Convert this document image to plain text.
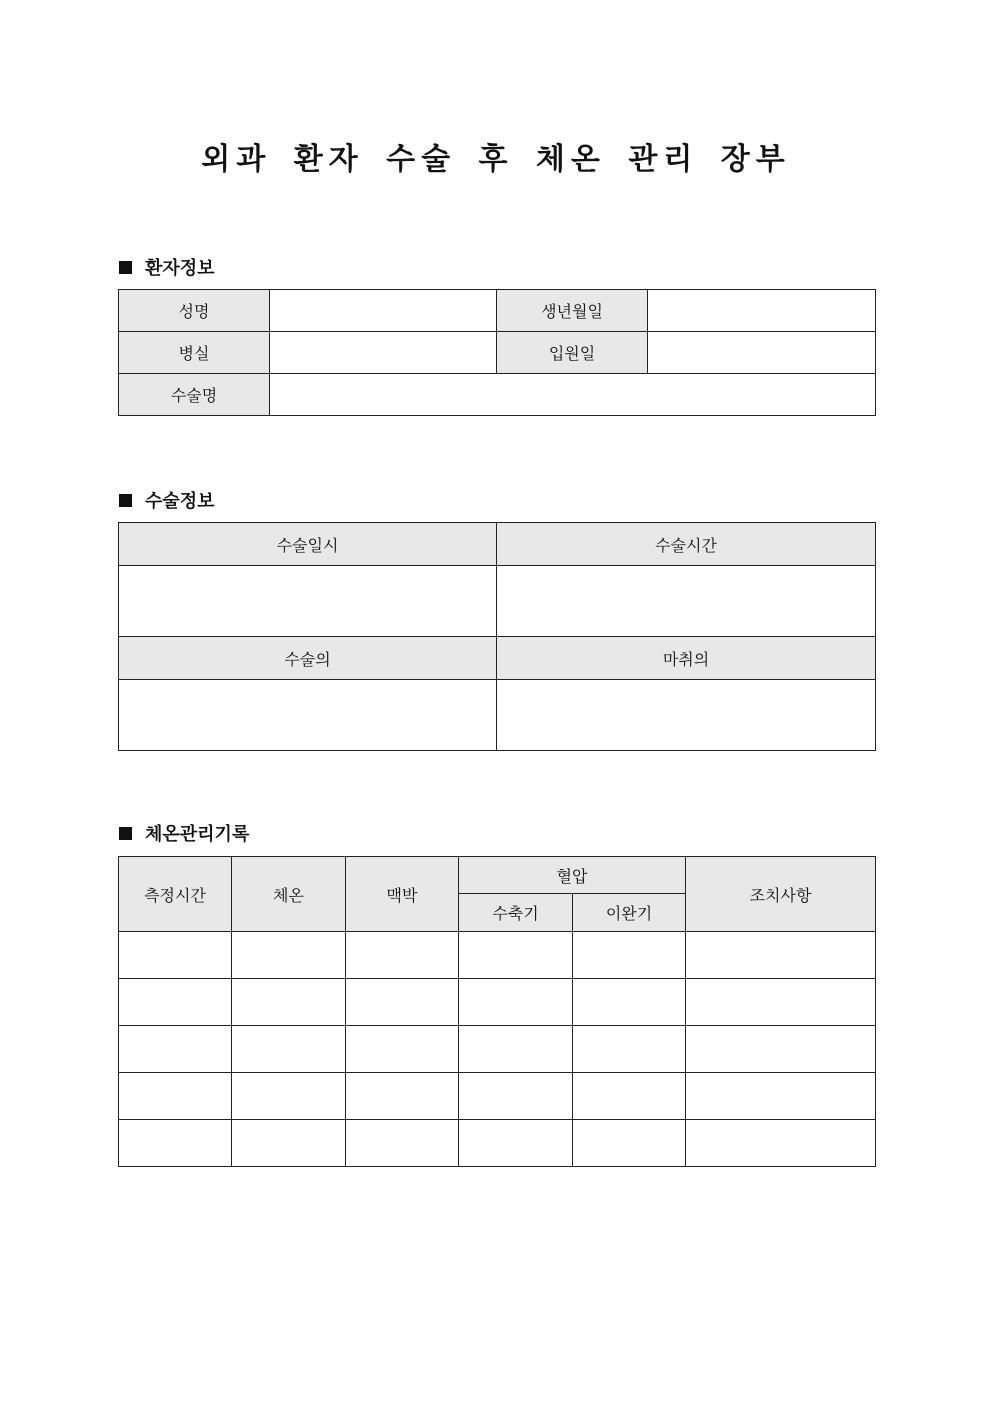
외과 환자 수술 후 체온 관리 장부
환자정보
성명		생년월일	
병실		입원일	
수술명			
수술정보
수술일시	수술시간

수술의	마취의

체온관리기록
측정시간	체온	맥박	혈압		조치사항
			수축기	이완기	
